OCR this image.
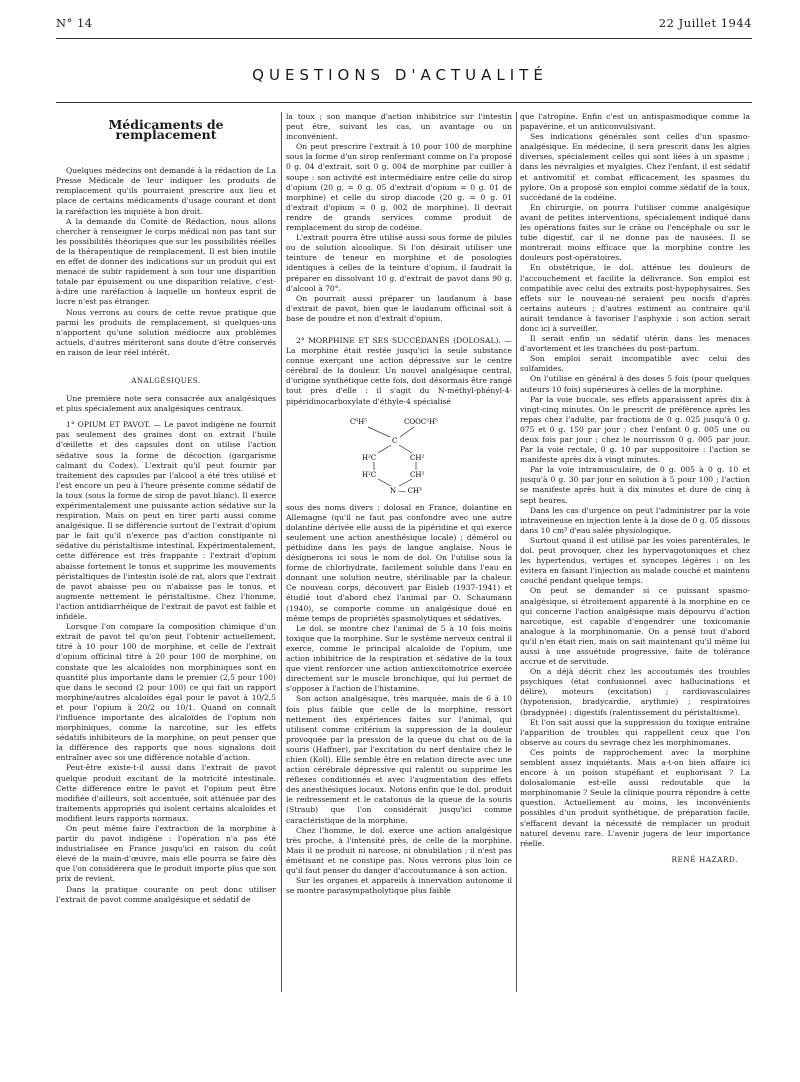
N° 14	22 Juillet 1944
QUESTIONS D'ACTUALITÉ
Médicaments de remplacement

Quelques médecins ont demandé à la rédaction de La Presse Médicale de leur indiquer les produits de remplacement qu'ils pourraient prescrire aux lieu et place de certains médicaments d'usage courant et dont la raréfaction les inquiète à bon droit.

A la demande du Comité de Rédaction, nous allons chercher à renseigner le corps médical non pas tant sur les possibilités théoriques que sur les possibilités réelles de la thérapeutique de remplacement. Il est bien inutile en effet de donner des indications sur un produit qui est menacé de subir rapidement à son tour une disparition totale par épuisement ou une disparition relative, c'est-à-dire une raréfaction à laquelle un honteux esprit de lucre n'est pas étranger.

Nous verrons au cours de cette revue pratique que parmi les produits de remplacement, si quelques-uns n'apportent qu'une solution médiocre aux problèmes actuels, d'autres mériteront sans doute d'être conservés en raison de leur réel intérêt.

ANALGÉSIQUES.

Une première note sera consacrée aux analgésiques et plus spécialement aux analgésiques centraux.

1° OPIUM ET PAVOT. — Le pavot indigène ne fournit pas seulement des graines dont on extrait l'huile d'œillette et des capsules dont on utilise l'action sédative sous la forme de décoction (gargarisme calmant du Codex). L'extrait qu'il peut fournir par traitement des capsules par l'alcool a été très utilisé et l'est encore un peu à l'heure présente comme sédatif de la toux (sous la forme de sirop de pavot blanc). Il exerce expérimentalement une puissante action sédative sur la respiration. Mais on peut en tirer parti aussi comme analgésique. Il se différencie surtout de l'extrait d'opium par le fait qu'il n'exerce pas d'action constipante ni sédative du péristaltisme intestinal. Expérimentalement, cette différence est très frappante : l'extrait d'opium abaisse fortement le tonus et supprime les mouvements péristaltiques de l'intestin isolé de rat, alors que l'extrait de pavot abaisse peu ou n'abaisse pas le tonus, et augmente nettement le péristaltisme. Chez l'homme, l'action antidiarrhéique de l'extrait de pavot est faible et infidèle.

Lorsque l'on compare la composition chimique d'un extrait de pavot tel qu'on peut l'obtenir actuellement, titré à 10 pour 100 de morphine, et celle de l'extrait d'opium officinal titré à 20 pour 100 de morphine, on constate que les alcaloïdes non morphiniques sont en quantité plus importante dans le premier (2,5 pour 100) que dans le second (2 pour 100) ce qui fait un rapport morphine/autres alcaloïdes égal pour le pavot à 10/2,5 et pour l'opium à 20/2 ou 10/1. Quand on connaît l'influence importante des alcaloïdes de l'opium non morphiniques, comme la narcotine, sur les effets sédatifs inhibiteurs de la morphine, on peut penser que la différence des rapports que nous signalons doit entraîner avec soi une différence notable d'action.

Peut-être existe-t-il aussi dans l'extrait de pavot quelque produit excitant de la motricité intestinale. Cette différence entre le pavot et l'opium peut être modifiée d'ailleurs, soit accentuée, soit atténuée par des traitements appropriés qui isolent certains alcaloïdes et modifient leurs rapports normaux.

On peut même faire l'extraction de la morphine à partir du pavot indigène : l'opération n'a pas été industrialisée en France jusqu'ici en raison du coût élevé de la main-d'œuvre, mais elle pourra se faire dès que l'on considérera que le produit importe plus que son prix de revient.

Dans la pratique courante on peut donc utiliser l'extrait de pavot comme analgésique et sédatif de

la toux ; son manque d'action inhibitrice sur l'intestin peut être, suivant les cas, un avantage ou un inconvénient.

On peut prescrire l'extrait à 10 pour 100 de morphine sous la forme d'un sirop renfermant comme on l'a proposé 0 g. 04 d'extrait, soit 0 g. 004 de morphine par cuiller à soupe : son activité est intermédiaire entre celle du sirop d'opium (20 g. = 0 g. 05 d'extrait d'opium = 0 g. 01 de morphine) et celle du sirop diacode (20 g. = 0 g. 01 d'extrait d'opium = 0 g. 002 de morphine). Il devrait rendre de grands services comme produit de remplacement du sirop de codéine.

L'extrait pourra être utilisé aussi sous forme de pilules ou de solution alcoolique. Si l'on désirait utiliser une teinture de teneur en morphine et de posologies identiques à celles de la teinture d'opium, il faudrait la préparer en dissolvant 10 g. d'extrait de pavot dans 90 g. d'alcool à 70°.

On pourrait aussi préparer un laudanum à base d'extrait de pavot, bien que le laudanum officinal soit à base de poudre et non d'extrait d'opium.

2° MORPHINE ET SES SUCCÉDANÉS (DOLOSAL). — La morphine était restée jusqu'ici la seule substance connue exerçant une action dépressive sur le centre cérébral de la douleur. Un nouvel analgésique central, d'origine synthétique cette fois, doit désormais être rangé tout près d'elle : il s'agit du N-méthyl-phényl-4-pipéridinocarboxylate d'éthyle-4 spécialisé

C⁶H⁵	COOC²H⁵
C
H²C	CH²
H²C	CH²
N — CH³

sous des noms divers : dolosal en France, dolantine en Allemagne (qu'il ne faut pas confondre avec une autre dolantine dérivée elle aussi de la pipéridine et qui exerce seulement une action anesthésique locale) ; démérol ou péthidine dans les pays de langue anglaise. Nous le désignerons ici sous le nom de dol. On l'utilise sous la forme de chlorhydrate, facilement soluble dans l'eau en donnant une solution neutre, stérilisable par la chaleur. Ce nouveau corps, découvert par Eisleb (1937-1941) et étudié tout d'abord chez l'animal par O. Schaumann (1940), se comporte comme un analgésique doué en même temps de propriétés spasmolytiques et sédatives.

Le dol. se montre chez l'animal de 5 à 10 fois moins toxique que la morphine. Sur le système nerveux central il exerce, comme le principal alcaloïde de l'opium, une action inhibitrice de la respiration et sédative de la toux que vient renforcer une action antiexcitomotrice exercée directement sur le muscle bronchique, qui lui permet de s'opposer à l'action de l'histamine.

Son action analgésique, très marquée, mais de 6 à 10 fois plus faible que celle de la morphine, ressort nettement des expériences faites sur l'animal, qui utilisent comme critérium la suppression de la douleur provoquée par la pression de la queue du chat ou de la souris (Haffner), par l'excitation du nerf dentaire chez le chien (Koll). Elle semble être en relation directe avec une action cérébrale dépressive qui ralentit ou supprime les réflexes conditionnés et avec l'augmentation des effets des anesthésiques locaux. Notons enfin que le dol. produit le redressement et le catatonus de la queue de la souris (Straub) que l'on considérait jusqu'ici comme caractéristique de la morphine.

Chez l'homme, le dol. exerce une action analgésique très proche, à l'intensité près, de celle de la morphine. Mais il ne produit ni narcose, ni obnubilation ; il n'est pas émétisant et ne constipe pas. Nous verrons plus loin ce qu'il faut penser du danger d'accoutumance à son action.

Sur les organes et appareils à innervation autonome il se montre parasympatholytique plus faible

que l'atropine. Enfin c'est un antispasmodique comme la papavérine, et un anticonvulsivant.

Ses indications générales sont celles d'un spasmo-analgésique. En médecine, il sera prescrit dans les algies diverses, spécialement celles qui sont liées à un spasme ; dans les névralgies et myalgies. Chez l'enfant, il est sédatif et antivomitif et combat efficacement les spasmes du pylore. On a proposé son emploi comme sédatif de la toux, succédané de la codéine.

En chirurgie, on pourra l'utiliser comme analgésique avant de petites interventions, spécialement indiqué dans les opérations faites sur le crâne ou l'encéphale ou sur le tube digestif, car il ne donne pas de nausées. Il se montrerait moins efficace que la morphine contre les douleurs post-opératoires.

En obstétrique, le dol. atténue les douleurs de l'accouchement et facilite la délivrance. Son emploi est compatible avec celui des extraits post-hypophysaires. Ses effets sur le nouveau-né seraient peu nocifs d'après certains auteurs ; d'autres estiment au contraire qu'il aurait tendance à favoriser l'asphyxie : son action serait donc ici à surveiller.

Il serait enfin un sédatif utérin dans les menaces d'avortement et les tranchées du post-partum.

Son emploi serait incompatible avec celui des sulfamides.

On l'utilise en général à des doses 5 fois (pour quelques auteurs 10 fois) supérieures à celles de la morphine.

Par la voie buccale, ses effets apparaissent après dix à vingt-cinq minutes. On le prescrit de préférence après les repas chez l'adulte, par fractions de 0 g. 025 jusqu'à 0 g. 075 et 0 g. 150 par jour ; chez l'enfant 0 g. 005 une ou deux fois par jour ; chez le nourrisson 0 g. 005 par jour. Par la voie rectale, 0 g. 10 par suppositoire : l'action se manifeste après dix à vingt minutes.

Par la voie intramusculaire, de 0 g. 005 à 0 g. 10 et jusqu'à 0 g. 30 par jour en solution à 5 pour 100 ; l'action se manifeste après huit à dix minutes et dure de cinq à sept heures.

Dans les cas d'urgence on peut l'administrer par la voie intraveineuse en injection lente à la dose de 0 g. 05 dissous dans 10 cm³ d'eau salée physiologique.

Surtout quand il est utilisé par les voies parentérales, le dol. peut provoquer, chez les hypervagotoniques et chez les hypertendus, vertiges et syncopes légères : on les évitera en faisant l'injection au malade couché et maintenu couché pendant quelque temps.

On peut se demander si ce puissant spasmo-analgésique, si étroitement apparenté à la morphine en ce qui concerne l'action analgésique mais dépourvu d'action narcotique, est capable d'engendrer une toxicomanie analogue à la morphinomanie. On a pensé tout d'abord qu'il n'en était rien, mais on sait maintenant qu'il même lui aussi à une assuétude progressive, faite de tolérance accrue et de servitude.

On a déjà décrit chez les accoutumés des troubles psychiques (état confusionnel avec hallucinations et délire), moteurs (excitation) ; cardiovasculaires (hypotension, bradycardie, arythmie) ; respiratoires (bradypnée) ; digestifs (ralentissement du péristaltisme).

Et l'on sait aussi que la suppression du toxique entraîne l'apparition de troubles qui rappellent ceux que l'on observe au cours du sevrage chez les morphinomanes.

Ces points de rapprochement avec la morphine semblent assez inquiétants. Mais a-t-on bien affaire ici encore à un poison stupéfiant et euphorisant ? La dolosalomanie est-elle aussi redoutable que la morphinomanie ? Seule la clinique pourra répondre à cette question. Actuellement au moins, les inconvénients possibles d'un produit synthétique, de préparation facile, s'effacent devant la nécessité de remplacer un produit naturel devenu rare. L'avenir jugera de leur importance réelle.

RENÉ HAZARD.
